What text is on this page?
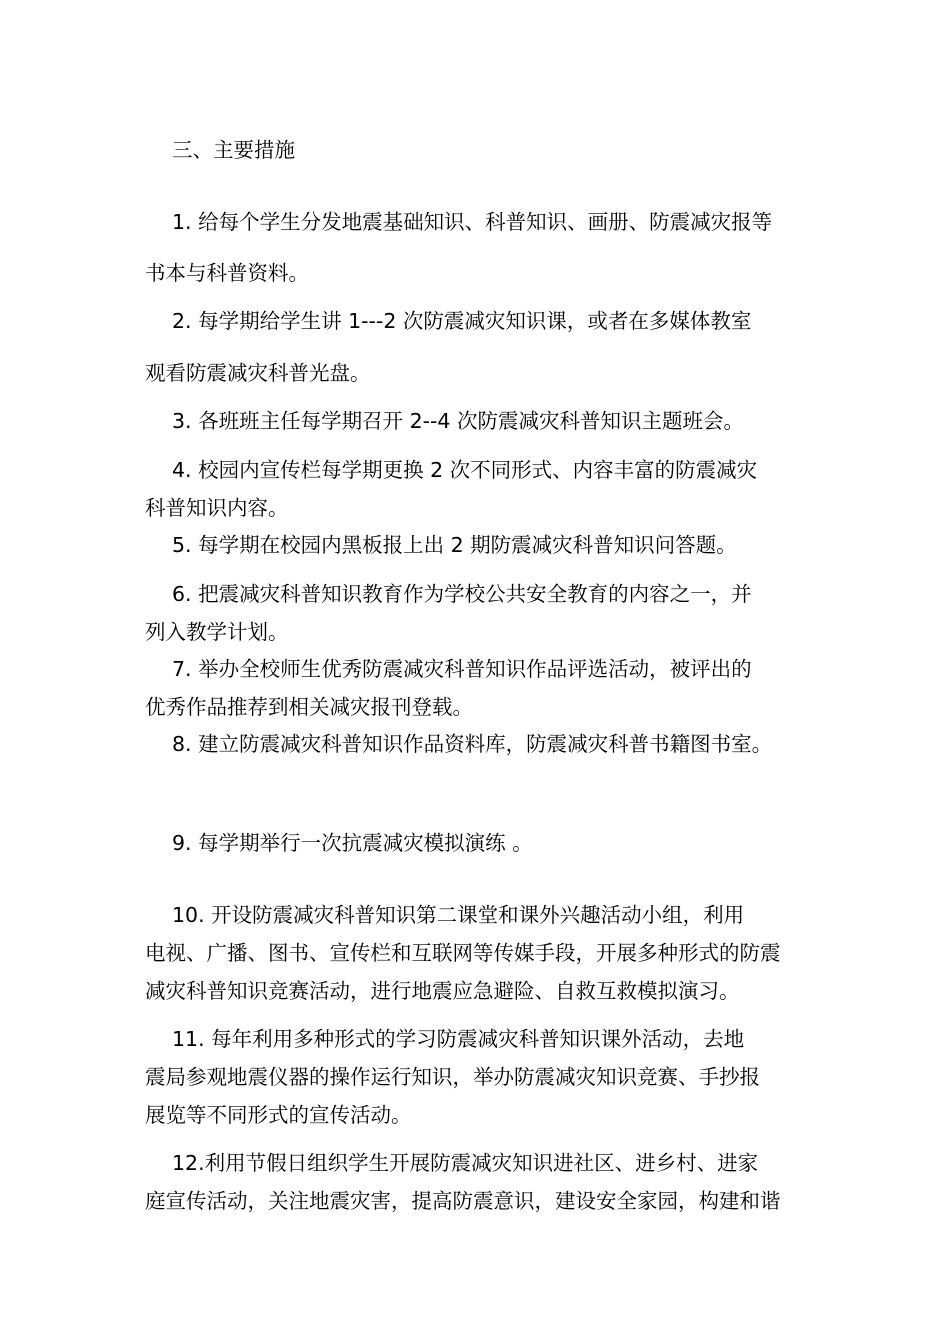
三、主要措施
1. 给每个学生分发地震基础知识、科普知识、画册、防震减灾报等
书本与科普资料。
2. 每学期给学生讲 1---2 次防震减灾知识课，或者在多媒体教室
观看防震减灾科普光盘。
3. 各班班主任每学期召开 2--4 次防震减灾科普知识主题班会。
4. 校园内宣传栏每学期更换 2 次不同形式、内容丰富的防震减灾
科普知识内容。
5. 每学期在校园内黑板报上出 2 期防震减灾科普知识问答题。
6. 把震减灾科普知识教育作为学校公共安全教育的内容之一，并
列入教学计划。
7. 举办全校师生优秀防震减灾科普知识作品评选活动，被评出的
优秀作品推荐到相关减灾报刊登载。
8. 建立防震减灾科普知识作品资料库，防震减灾科普书籍图书室。
9. 每学期举行一次抗震减灾模拟演练 。
10. 开设防震减灾科普知识第二课堂和课外兴趣活动小组，利用
电视、广播、图书、宣传栏和互联网等传媒手段，开展多种形式的防震
减灾科普知识竞赛活动，进行地震应急避险、自救互救模拟演习。
11. 每年利用多种形式的学习防震减灾科普知识课外活动，去地
震局参观地震仪器的操作运行知识，举办防震减灾知识竞赛、手抄报
展览等不同形式的宣传活动。
12.利用节假日组织学生开展防震减灾知识进社区、进乡村、进家
庭宣传活动，关注地震灾害，提高防震意识，建设安全家园，构建和谐
